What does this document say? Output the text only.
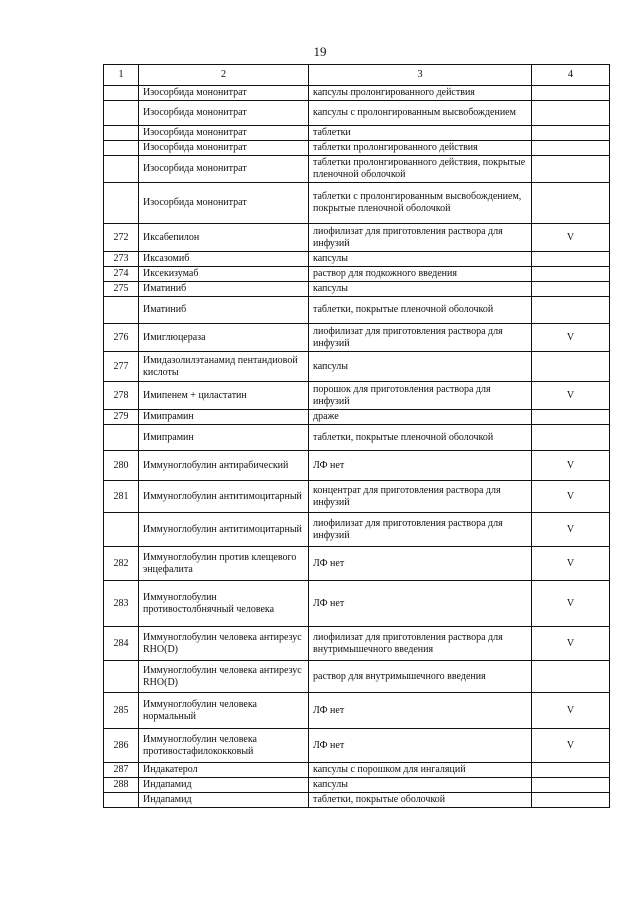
19
1	2	3	4
	Изосорбида мононитрат	капсулы пролонгированного действия	
	Изосорбида мононитрат	капсулы с пролонгированным высвобождением	
	Изосорбида мононитрат	таблетки	
	Изосорбида мононитрат	таблетки пролонгированного действия	
	Изосорбида мононитрат	таблетки пролонгированного действия, покрытые пленочной оболочкой	
	Изосорбида мононитрат	таблетки с пролонгированным высвобождением, покрытые пленочной оболочкой	
272	Иксабепилон	лиофилизат для приготовления раствора для инфузий	V
273	Иксазомиб	капсулы	
274	Иксекизумаб	раствор для подкожного введения	
275	Иматиниб	капсулы	
	Иматиниб	таблетки, покрытые пленочной оболочкой	
276	Имиглюцераза	лиофилизат для приготовления раствора для инфузий	V
277	Имидазолилэтанамид пентандиовой кислоты	капсулы	
278	Имипенем + циластатин	порошок для приготовления раствора для инфузий	V
279	Имипрамин	драже	
	Имипрамин	таблетки, покрытые пленочной оболочкой	
280	Иммуноглобулин антирабический	ЛФ нет	V
281	Иммуноглобулин антитимоцитарный	концентрат для приготовления раствора для инфузий	V
	Иммуноглобулин антитимоцитарный	лиофилизат для приготовления раствора для инфузий	V
282	Иммуноглобулин против клещевого энцефалита	ЛФ нет	V
283	Иммуноглобулин противостолбнячный человека	ЛФ нет	V
284	Иммуноглобулин человека антирезус RHO(D)	лиофилизат для приготовления раствора для внутримышечного введения	V
	Иммуноглобулин человека антирезус RHO(D)	раствор для внутримышечного введения	
285	Иммуноглобулин человека нормальный	ЛФ нет	V
286	Иммуноглобулин человека противостафилококковый	ЛФ нет	V
287	Индакатерол	капсулы с порошком для ингаляций	
288	Индапамид	капсулы	
	Индапамид	таблетки, покрытые оболочкой	
